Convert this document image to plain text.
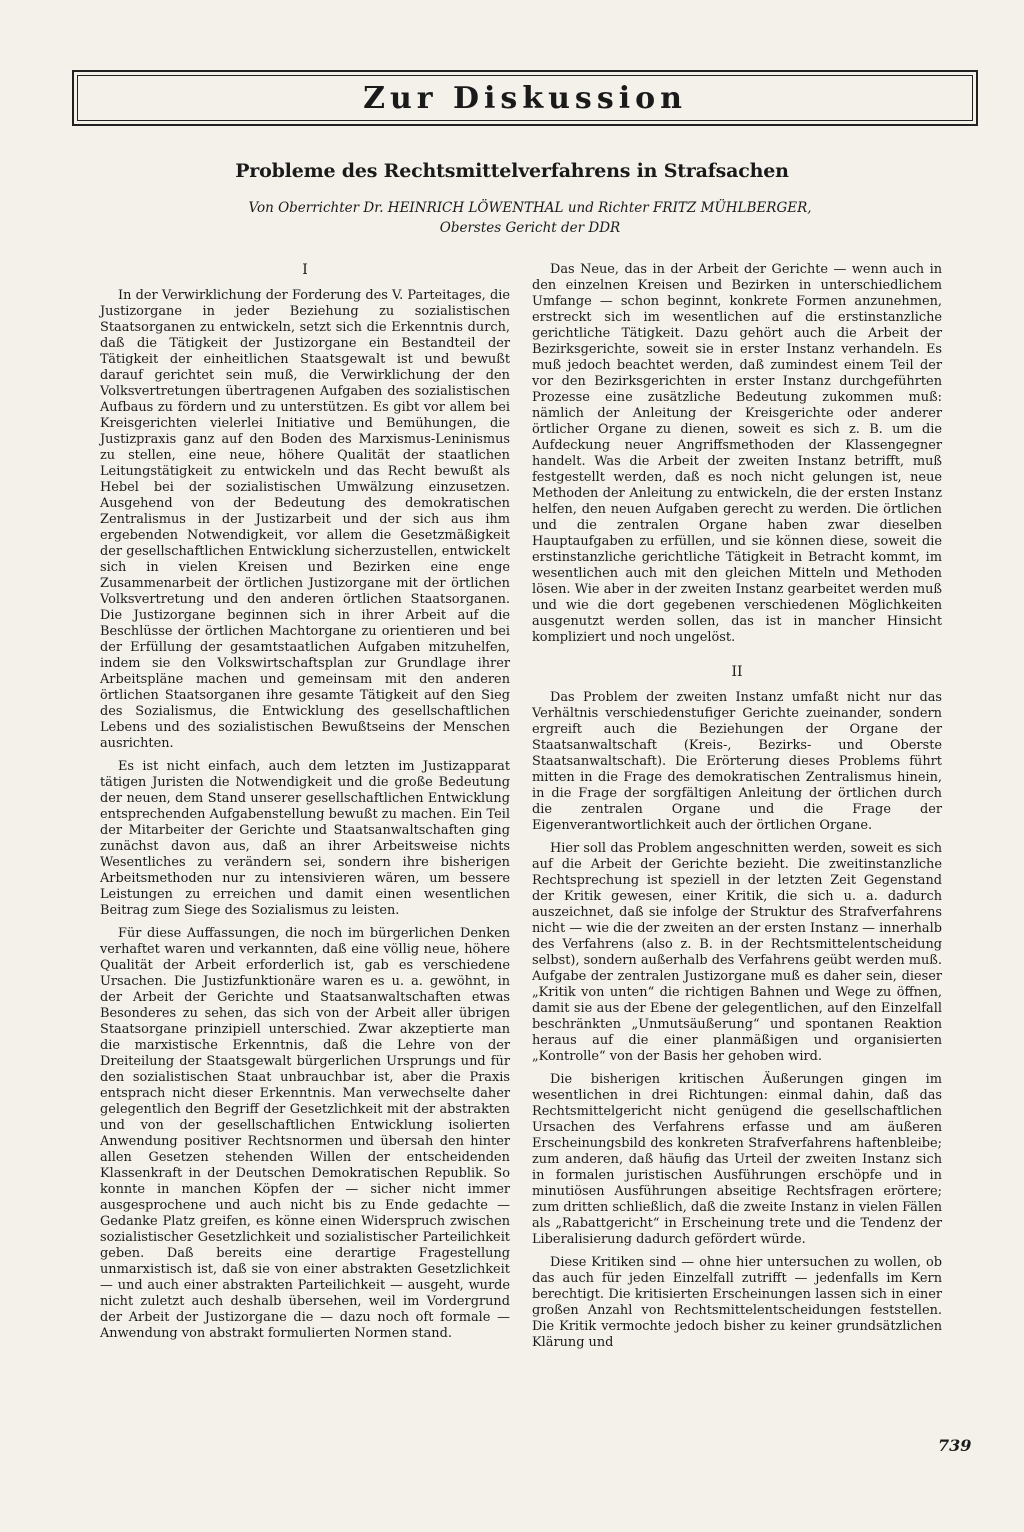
Zur Diskussion
Probleme des Rechtsmittelverfahrens in Strafsachen
Von Oberrichter Dr. HEINRICH LÖWENTHAL und Richter FRITZ MÜHLBERGER,
Oberstes Gericht der DDR
I

In der Verwirklichung der Forderung des V. Parteitages, die Justizorgane in jeder Beziehung zu sozialistischen Staatsorganen zu entwickeln, setzt sich die Erkenntnis durch, daß die Tätigkeit der Justizorgane ein Bestandteil der Tätigkeit der einheitlichen Staatsgewalt ist und bewußt darauf gerichtet sein muß, die Verwirklichung der den Volksvertretungen übertragenen Aufgaben des sozialistischen Aufbaus zu fördern und zu unterstützen. Es gibt vor allem bei Kreisgerichten vielerlei Initiative und Bemühungen, die Justizpraxis ganz auf den Boden des Marxismus-Leninismus zu stellen, eine neue, höhere Qualität der staatlichen Leitungstätigkeit zu entwickeln und das Recht bewußt als Hebel bei der sozialistischen Umwälzung einzusetzen. Ausgehend von der Bedeutung des demokratischen Zentralismus in der Justizarbeit und der sich aus ihm ergebenden Notwendigkeit, vor allem die Gesetzmäßigkeit der gesellschaftlichen Entwicklung sicherzustellen, entwickelt sich in vielen Kreisen und Bezirken eine enge Zusammenarbeit der örtlichen Justizorgane mit der örtlichen Volksvertretung und den anderen örtlichen Staatsorganen. Die Justizorgane beginnen sich in ihrer Arbeit auf die Beschlüsse der örtlichen Machtorgane zu orientieren und bei der Erfüllung der gesamtstaatlichen Aufgaben mitzuhelfen, indem sie den Volkswirtschaftsplan zur Grundlage ihrer Arbeitspläne machen und gemeinsam mit den anderen örtlichen Staatsorganen ihre gesamte Tätigkeit auf den Sieg des Sozialismus, die Entwicklung des gesellschaftlichen Lebens und des sozialistischen Bewußtseins der Menschen ausrichten.

Es ist nicht einfach, auch dem letzten im Justizapparat tätigen Juristen die Notwendigkeit und die große Bedeutung der neuen, dem Stand unserer gesellschaftlichen Entwicklung entsprechenden Aufgabenstellung bewußt zu machen. Ein Teil der Mitarbeiter der Gerichte und Staatsanwaltschaften ging zunächst davon aus, daß an ihrer Arbeitsweise nichts Wesentliches zu verändern sei, sondern ihre bisherigen Arbeitsmethoden nur zu intensivieren wären, um bessere Leistungen zu erreichen und damit einen wesentlichen Beitrag zum Siege des Sozialismus zu leisten.

Für diese Auffassungen, die noch im bürgerlichen Denken verhaftet waren und verkannten, daß eine völlig neue, höhere Qualität der Arbeit erforderlich ist, gab es verschiedene Ursachen. Die Justizfunktionäre waren es u. a. gewöhnt, in der Arbeit der Gerichte und Staatsanwaltschaften etwas Besonderes zu sehen, das sich von der Arbeit aller übrigen Staatsorgane prinzipiell unterschied. Zwar akzeptierte man die marxistische Erkenntnis, daß die Lehre von der Dreiteilung der Staatsgewalt bürgerlichen Ursprungs und für den sozialistischen Staat unbrauchbar ist, aber die Praxis entsprach nicht dieser Erkenntnis. Man verwechselte daher gelegentlich den Begriff der Gesetzlichkeit mit der abstrakten und von der gesellschaftlichen Entwicklung isolierten Anwendung positiver Rechtsnormen und übersah den hinter allen Gesetzen stehenden Willen der entscheidenden Klassenkraft in der Deutschen Demokratischen Republik. So konnte in manchen Köpfen der — sicher nicht immer ausgesprochene und auch nicht bis zu Ende gedachte — Gedanke Platz greifen, es könne einen Widerspruch zwischen sozialistischer Gesetzlichkeit und sozialistischer Parteilichkeit geben. Daß bereits eine derartige Fragestellung unmarxistisch ist, daß sie von einer abstrakten Gesetzlichkeit — und auch einer abstrakten Parteilichkeit — ausgeht, wurde nicht zuletzt auch deshalb übersehen, weil im Vordergrund der Arbeit der Justizorgane die — dazu noch oft formale — Anwendung von abstrakt formulierten Normen stand.

Das Neue, das in der Arbeit der Gerichte — wenn auch in den einzelnen Kreisen und Bezirken in unterschiedlichem Umfange — schon beginnt, konkrete Formen anzunehmen, erstreckt sich im wesentlichen auf die erstinstanzliche gerichtliche Tätigkeit. Dazu gehört auch die Arbeit der Bezirksgerichte, soweit sie in erster Instanz verhandeln. Es muß jedoch beachtet werden, daß zumindest einem Teil der vor den Bezirksgerichten in erster Instanz durchgeführten Prozesse eine zusätzliche Bedeutung zukommen muß: nämlich der Anleitung der Kreisgerichte oder anderer örtlicher Organe zu dienen, soweit es sich z. B. um die Aufdeckung neuer Angriffsmethoden der Klassengegner handelt. Was die Arbeit der zweiten Instanz betrifft, muß festgestellt werden, daß es noch nicht gelungen ist, neue Methoden der Anleitung zu entwickeln, die der ersten Instanz helfen, den neuen Aufgaben gerecht zu werden. Die örtlichen und die zentralen Organe haben zwar dieselben Hauptaufgaben zu erfüllen, und sie können diese, soweit die erstinstanzliche gerichtliche Tätigkeit in Betracht kommt, im wesentlichen auch mit den gleichen Mitteln und Methoden lösen. Wie aber in der zweiten Instanz gearbeitet werden muß und wie die dort gegebenen verschiedenen Möglichkeiten ausgenutzt werden sollen, das ist in mancher Hinsicht kompliziert und noch ungelöst.

II

Das Problem der zweiten Instanz umfaßt nicht nur das Verhältnis verschiedenstufiger Gerichte zueinander, sondern ergreift auch die Beziehungen der Organe der Staatsanwaltschaft (Kreis-, Bezirks- und Oberste Staatsanwaltschaft). Die Erörterung dieses Problems führt mitten in die Frage des demokratischen Zentralismus hinein, in die Frage der sorgfältigen Anleitung der örtlichen durch die zentralen Organe und die Frage der Eigenverantwortlichkeit auch der örtlichen Organe.

Hier soll das Problem angeschnitten werden, soweit es sich auf die Arbeit der Gerichte bezieht. Die zweitinstanzliche Rechtsprechung ist speziell in der letzten Zeit Gegenstand der Kritik gewesen, einer Kritik, die sich u. a. dadurch auszeichnet, daß sie infolge der Struktur des Strafverfahrens nicht — wie die der zweiten an der ersten Instanz — innerhalb des Verfahrens (also z. B. in der Rechtsmittelentscheidung selbst), sondern außerhalb des Verfahrens geübt werden muß. Aufgabe der zentralen Justizorgane muß es daher sein, dieser „Kritik von unten“ die richtigen Bahnen und Wege zu öffnen, damit sie aus der Ebene der gelegentlichen, auf den Einzelfall beschränkten „Unmutsäußerung“ und spontanen Reaktion heraus auf die einer planmäßigen und organisierten „Kontrolle“ von der Basis her gehoben wird.

Die bisherigen kritischen Äußerungen gingen im wesentlichen in drei Richtungen: einmal dahin, daß das Rechtsmittelgericht nicht genügend die gesellschaftlichen Ursachen des Verfahrens erfasse und am äußeren Erscheinungsbild des konkreten Strafverfahrens haftenbleibe; zum anderen, daß häufig das Urteil der zweiten Instanz sich in formalen juristischen Ausführungen erschöpfe und in minutiösen Ausführungen abseitige Rechtsfragen erörtere; zum dritten schließlich, daß die zweite Instanz in vielen Fällen als „Rabattgericht“ in Erscheinung trete und die Tendenz der Liberalisierung dadurch gefördert würde.

Diese Kritiken sind — ohne hier untersuchen zu wollen, ob das auch für jeden Einzelfall zutrifft — jedenfalls im Kern berechtigt. Die kritisierten Erscheinungen lassen sich in einer großen Anzahl von Rechtsmittelentscheidungen feststellen. Die Kritik vermochte jedoch bisher zu keiner grundsätzlichen Klärung und

739
